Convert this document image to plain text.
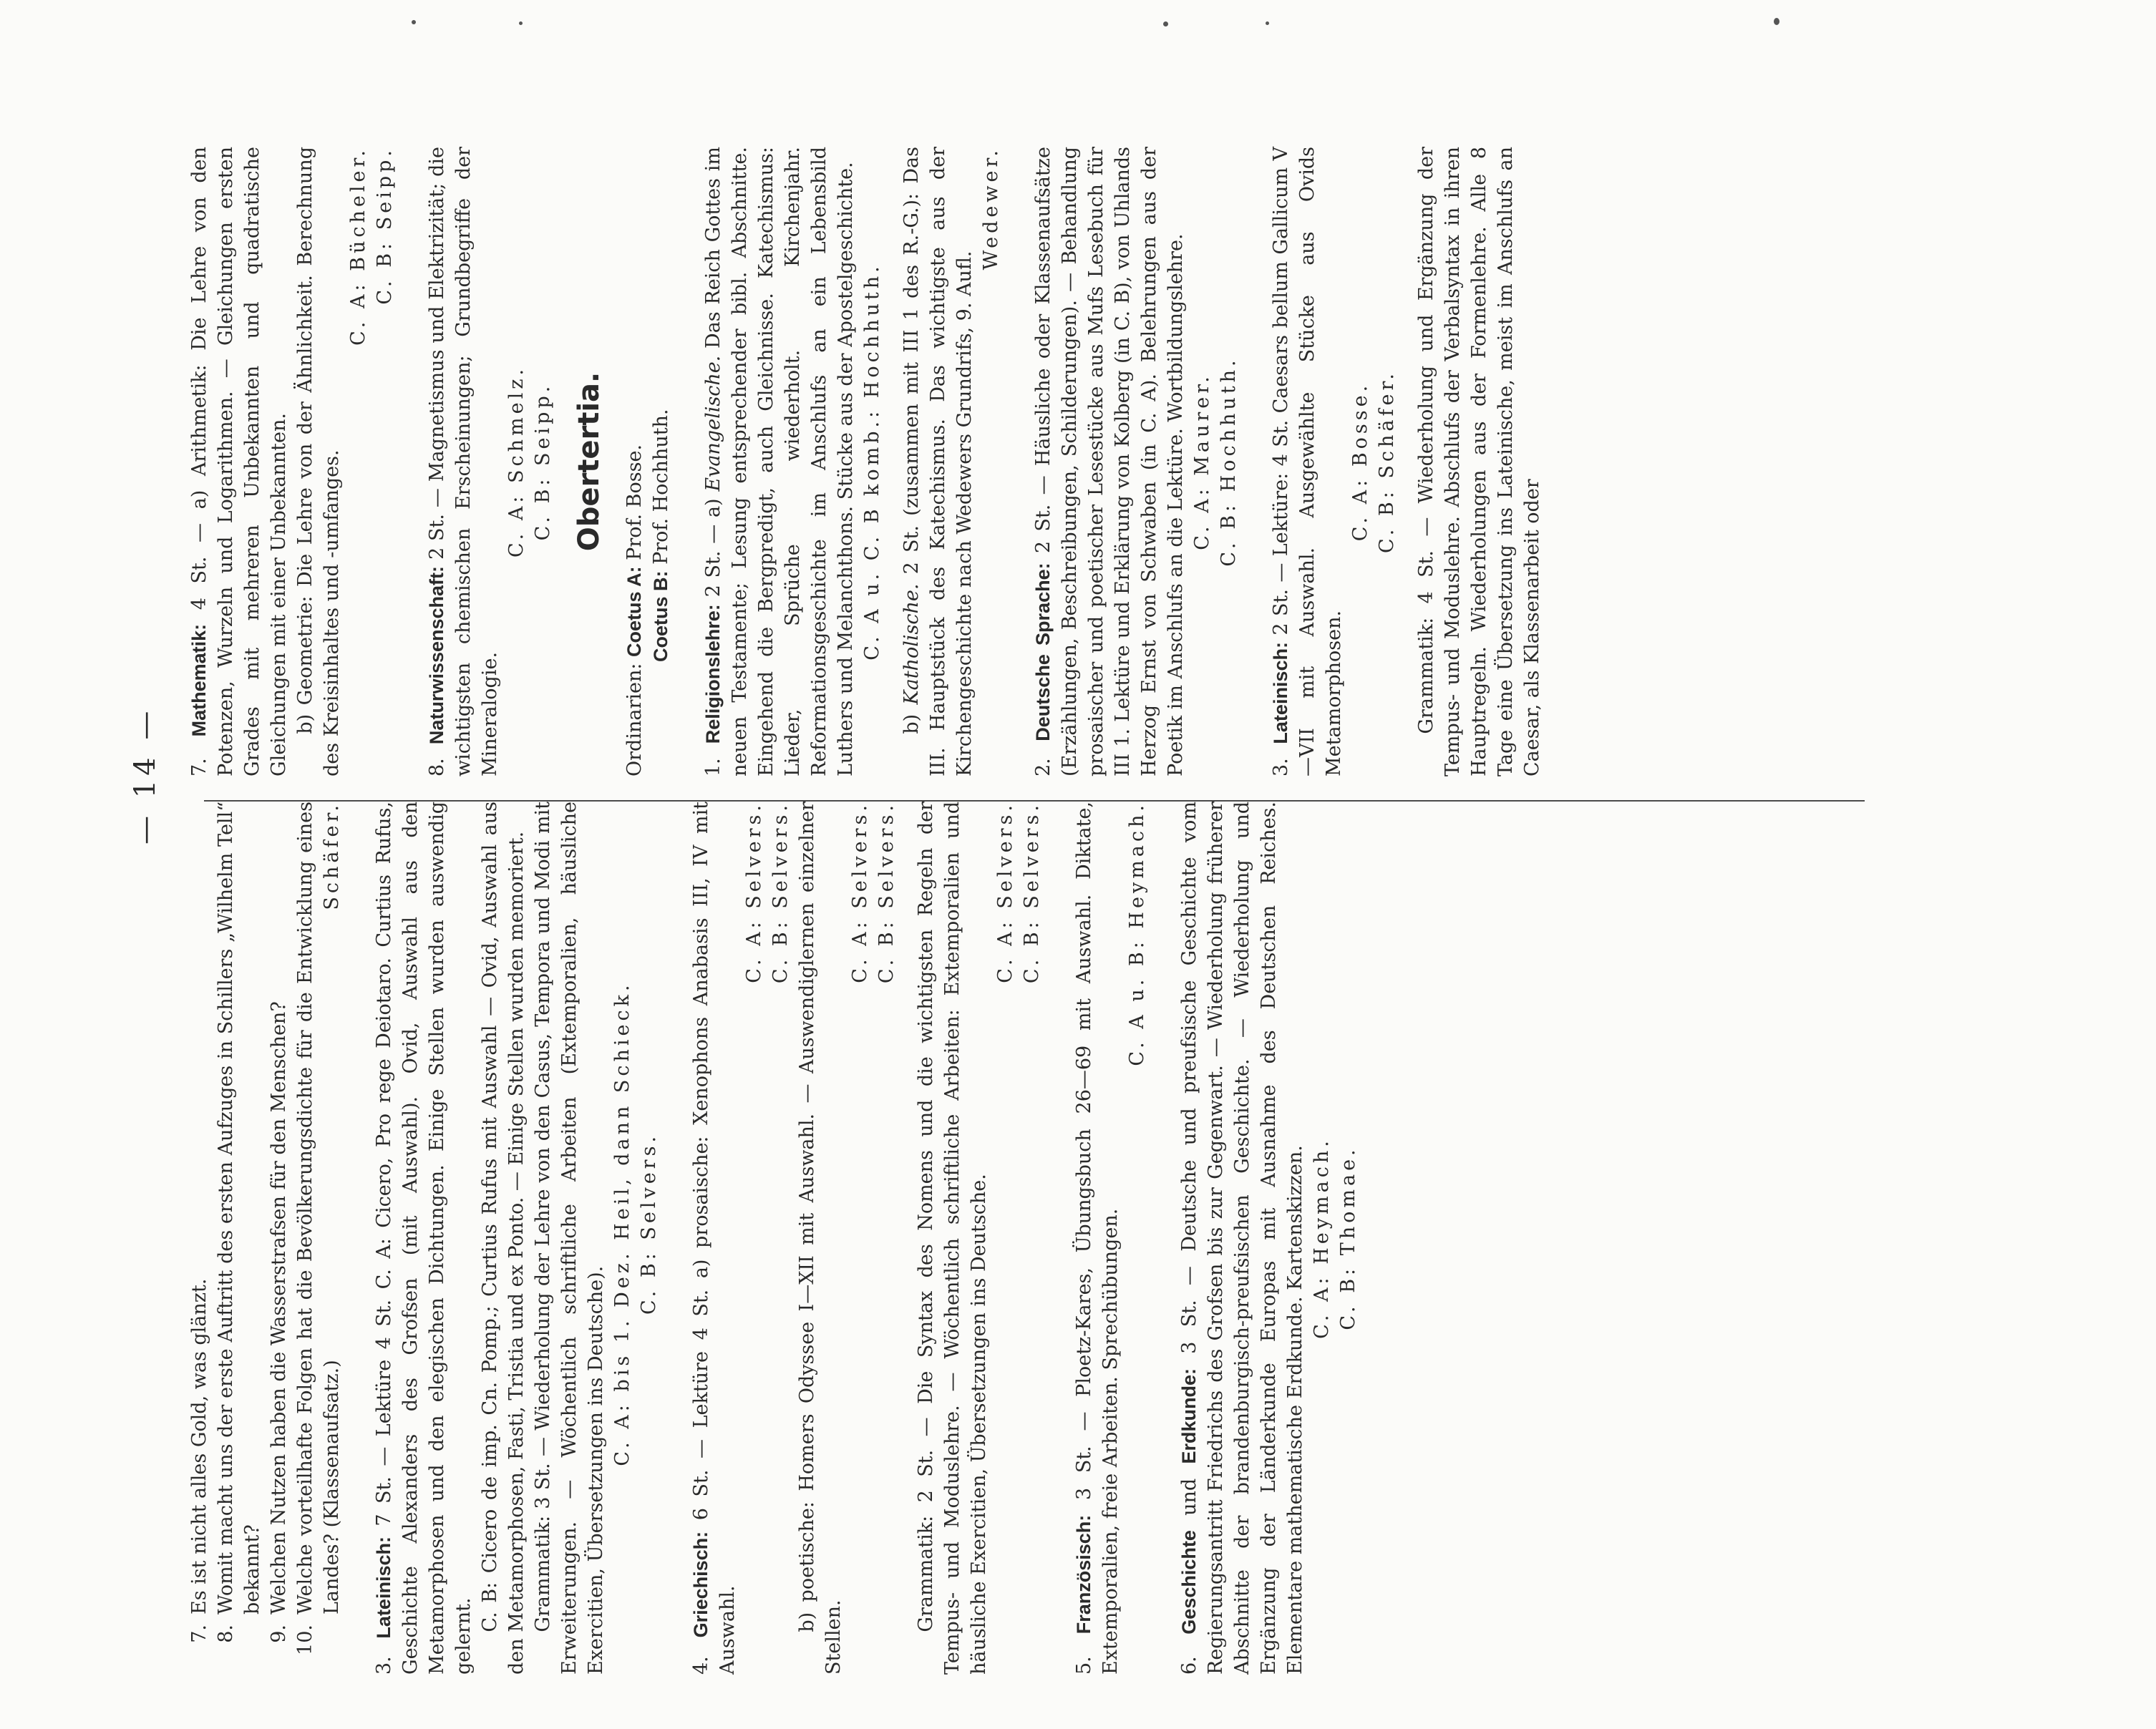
— 14 —
7.
Es ist nicht alles Gold, was glänzt.
8.
Womit macht uns der erste Auftritt des ersten Aufzuges in Schillers „Wilhelm Tell“ bekannt?
9.
Welchen Nutzen haben die Wasserstrafsen für den Menschen?
10.
Welche vorteilhafte Folgen hat die Bevölkerungsdichte für die Entwicklung eines Landes? (Klassenaufsatz.)
Schäfer.

3. Lateinisch: 7 St. — Lektüre 4 St. C. A: Cicero, Pro rege Deiotaro. Curtius Rufus, Geschichte Alexanders des Grofsen (mit Auswahl). Ovid, Auswahl aus den Metamorphosen und den elegischen Dichtungen. Einige Stellen wurden auswendig gelernt.

C. B: Cicero de imp. Cn. Pomp.; Curtius Rufus mit Auswahl — Ovid, Auswahl aus den Metamorphosen, Fasti, Tristia und ex Ponto. — Einige Stellen wurden memoriert. Grammatik: 3 St. — Wiederholung der Lehre von den Casus, Tempora und Modi mit Erweiterungen. — Wöchentlich schriftliche Arbeiten (Extemporalien, häusliche Exercitien, Übersetzungen ins Deutsche).

C. A: bis 1. Dez. Heil, dann Schieck. C. B: Selvers.

4. Griechisch: 6 St. — Lektüre 4 St. a) prosaische: Xenophons Anabasis III, IV mit Auswahl.

C. A: Selvers. C. B: Selvers. b) poetische: Homers Odyssee I—XII mit Auswahl. — Auswendiglernen einzelner Stellen.

C. A: Selvers. C. B: Selvers. Grammatik: 2 St. — Die Syntax des Nomens und die wichtigsten Regeln der Tempus- und Moduslehre. — Wöchentlich schriftliche Arbeiten: Extemporalien und häusliche Exercitien, Übersetzungen ins Deutsche.

C. A: Selvers. C. B: Selvers.

5. Französisch: 3 St. — Ploetz-Kares, Übungsbuch 26—69 mit Auswahl. Diktate, Extemporalien, freie Arbeiten. Sprechübungen.

C. A u. B: Heymach.

6. Geschichte und Erdkunde: 3 St. — Deutsche und preufsische Geschichte vom Regierungsantritt Friedrichs des Grofsen bis zur Gegenwart. — Wiederholung früherer Abschnitte der brandenburgisch-preufsischen Geschichte. — Wiederholung und Ergänzung der Länderkunde Europas mit Ausnahme des Deutschen Reiches. Elementare mathematische Erdkunde. Kartenskizzen. C. A: Heymach. C. B: Thomae.

7. Mathematik: 4 St. — a) Arithmetik: Die Lehre von den Potenzen, Wurzeln und Logarithmen. — Gleichungen ersten Grades mit mehreren Unbekannten und quadratische Gleichungen mit einer Unbekannten. b) Geometrie: Die Lehre von der Ähnlichkeit. Berechnung des Kreisinhaltes und -umfanges.

C. A: Bücheler. C. B: Seipp.

8. Naturwissenschaft: 2 St. — Magnetismus und Elektrizität; die wichtigsten chemischen Erscheinungen; Grundbegriffe der Mineralogie.

C. A: Schmelz. C. B: Seipp. Obertertia.
Ordinarien: Coetus A: Prof. Bosse.
Coetus B: Prof. Hochhuth.

1. Religionslehre: 2 St. — a) Evangelische. Das Reich Gottes im neuen Testamente; Lesung entsprechender bibl. Abschnitte. Eingehend die Bergpredigt, auch Gleichnisse. Katechismus: Lieder, Sprüche wiederholt. Kirchenjahr. Reformationsgeschichte im Anschlufs an ein Lebensbild Luthers und Melanchthons. Stücke aus der Apostelgeschichte. C. A u. C. B komb.: Hochhuth.

b) Katholische. 2 St. (zusammen mit III 1 des R.-G.): Das III. Hauptstück des Katechismus. Das wichtigste aus der Kirchengeschichte nach Wedewers Grundrifs, 9. Aufl.

Wedewer.

2. Deutsche Sprache: 2 St. — Häusliche oder Klassenaufsätze (Erzählungen, Beschreibungen, Schilderungen). — Behandlung prosaischer und poetischer Lesestücke aus Mufs Lesebuch für III 1. Lektüre und Erklärung von Kolberg (in C. B), von Uhlands Herzog Ernst von Schwaben (in C. A). Belehrungen aus der Poetik im Anschlufs an die Lektüre. Wortbildungslehre. C. A: Maurer. C. B: Hochhuth.

3. Lateinisch: 2 St. — Lektüre: 4 St. Caesars bellum Gallicum V—VII mit Auswahl. Ausgewählte Stücke aus Ovids Metamorphosen.

C. A: Bosse. C. B: Schäfer. Grammatik: 4 St. — Wiederholung und Ergänzung der Tempus- und Moduslehre. Abschlufs der Verbalsyntax in ihren Hauptregeln. Wiederholungen aus der Formenlehre. Alle 8 Tage eine Übersetzung ins Lateinische, meist im Anschlufs an Caesar, als Klassenarbeit oder
